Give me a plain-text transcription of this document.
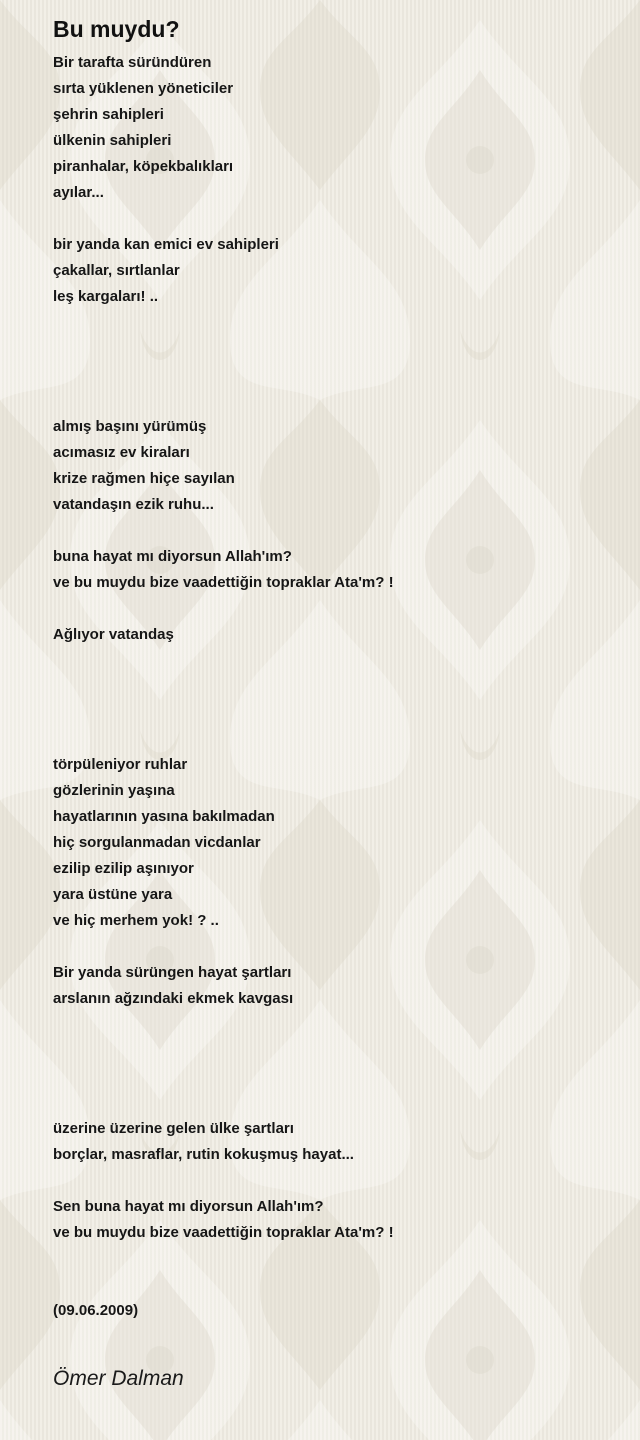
Bu muydu?
Bir tarafta süründüren
sırta yüklenen yöneticiler
şehrin sahipleri
ülkenin sahipleri
piranhalar, köpekbalıkları
ayılar...
bir yanda kan emici ev sahipleri
çakallar, sırtlanlar
leş kargaları! ..
almış başını yürümüş
acımasız ev kiraları
krize rağmen hiçe sayılan
vatandaşın ezik ruhu...
buna hayat mı diyorsun Allah'ım?
ve bu muydu bize vaadettiğin topraklar Ata'm? !
Ağlıyor vatandaş
törpüleniyor ruhlar
gözlerinin yaşına
hayatlarının yasına bakılmadan
hiç sorgulanmadan vicdanlar
ezilip ezilip aşınıyor
yara üstüne yara
ve hiç merhem yok! ? ..
Bir yanda sürüngen hayat şartları
arslanın ağzındaki ekmek kavgası
üzerine üzerine gelen ülke şartları
borçlar, masraflar, rutin kokuşmuş hayat...
Sen buna hayat mı diyorsun Allah'ım?
ve bu muydu bize vaadettiğin topraklar Ata'm? !
(09.06.2009)
Ömer Dalman
